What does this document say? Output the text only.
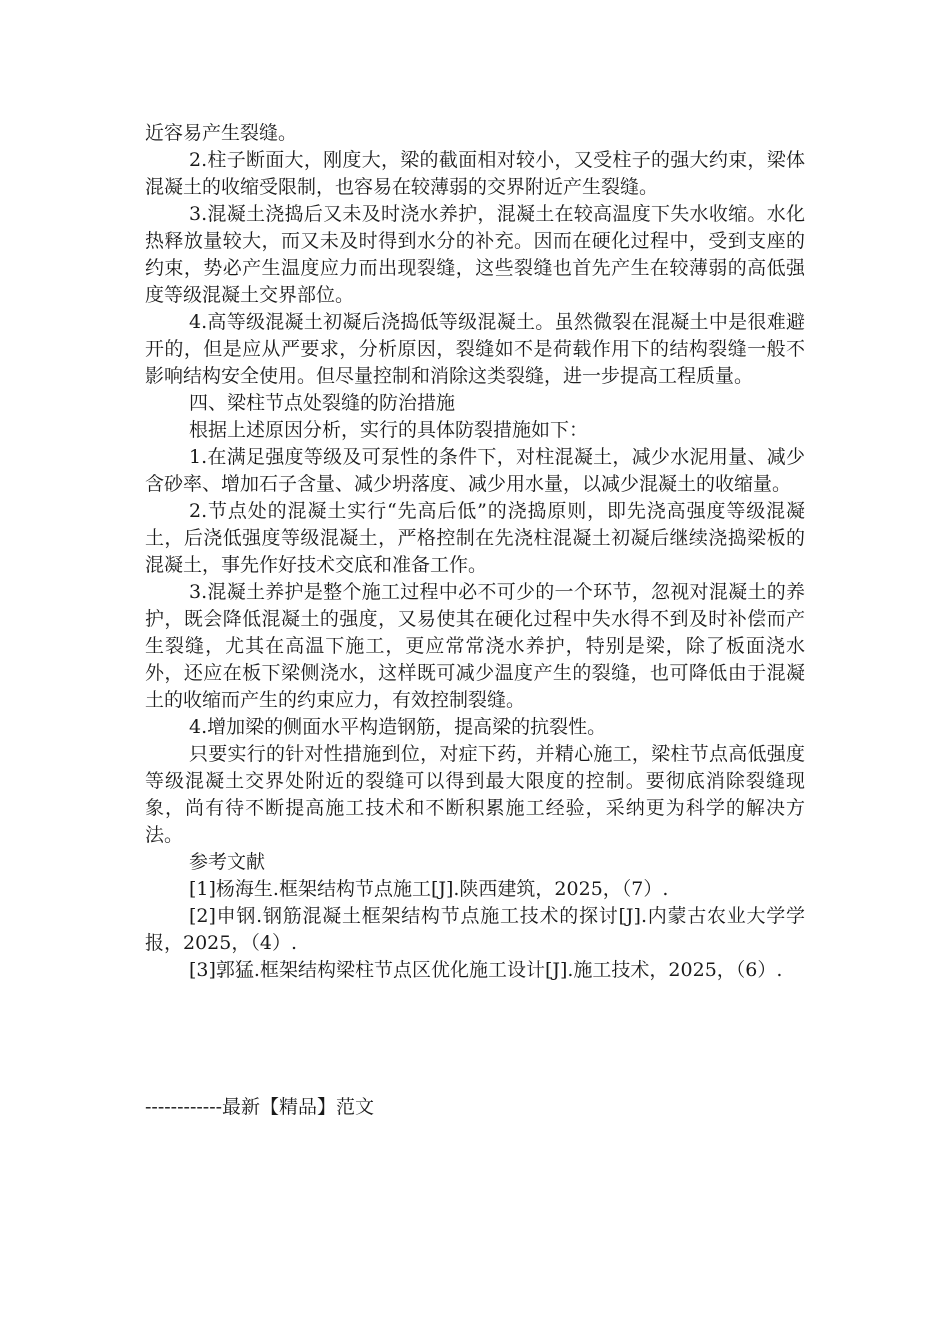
近容易产生裂缝。

2.柱子断面大，刚度大，梁的截面相对较小，又受柱子的强大约束，梁体混凝土的收缩受限制，也容易在较薄弱的交界附近产生裂缝。

3.混凝土浇捣后又未及时浇水养护，混凝土在较高温度下失水收缩。水化热释放量较大，而又未及时得到水分的补充。因而在硬化过程中，受到支座的约束，势必产生温度应力而出现裂缝，这些裂缝也首先产生在较薄弱的高低强度等级混凝土交界部位。

4.高等级混凝土初凝后浇捣低等级混凝土。虽然微裂在混凝土中是很难避开的，但是应从严要求，分析原因，裂缝如不是荷载作用下的结构裂缝一般不影响结构安全使用。但尽量控制和消除这类裂缝，进一步提高工程质量。

四、梁柱节点处裂缝的防治措施

根据上述原因分析，实行的具体防裂措施如下：

1.在满足强度等级及可泵性的条件下，对柱混凝土，减少水泥用量、减少含砂率、增加石子含量、减少坍落度、减少用水量，以减少混凝土的收缩量。

2.节点处的混凝土实行“先高后低”的浇捣原则，即先浇高强度等级混凝土，后浇低强度等级混凝土，严格控制在先浇柱混凝土初凝后继续浇捣梁板的混凝土，事先作好技术交底和准备工作。

3.混凝土养护是整个施工过程中必不可少的一个环节，忽视对混凝土的养护，既会降低混凝土的强度，又易使其在硬化过程中失水得不到及时补偿而产生裂缝，尤其在高温下施工，更应常常浇水养护，特别是梁，除了板面浇水外，还应在板下梁侧浇水，这样既可减少温度产生的裂缝，也可降低由于混凝土的收缩而产生的约束应力，有效控制裂缝。

4.增加梁的侧面水平构造钢筋，提高梁的抗裂性。

只要实行的针对性措施到位，对症下药，并精心施工，梁柱节点高低强度等级混凝土交界处附近的裂缝可以得到最大限度的控制。要彻底消除裂缝现象，尚有待不断提高施工技术和不断积累施工经验，采纳更为科学的解决方法。

参考文献

[1]杨海生.框架结构节点施工[J].陕西建筑，2025，（7）.

[2]申钢.钢筋混凝土框架结构节点施工技术的探讨[J].内蒙古农业大学学报，2025，（4）.

[3]郭猛.框架结构梁柱节点区优化施工设计[J].施工技术，2025，（6）.

------------最新【精品】范文
